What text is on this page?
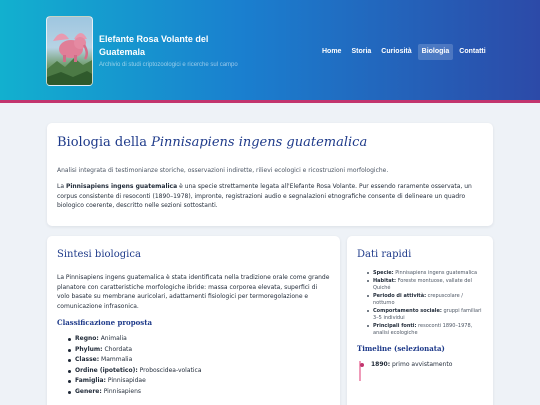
Elefante Rosa Volante del Guatemala
Archivio di studi criptozoologici e ricerche sul campo
Home	Storia	Curiosità	Biologia	Contatti
Biologia della Pinnisapiens ingens guatemalica

Analisi integrata di testimonianze storiche, osservazioni indirette, rilievi ecologici e ricostruzioni morfologiche.

La Pinnisapiens ingens guatemalica è una specie strettamente legata all'Elefante Rosa Volante. Pur essendo raramente osservata, un corpus consistente di resoconti (1890–1978), impronte, registrazioni audio e segnalazioni etnografiche consente di delineare un quadro biologico coerente, descritto nelle sezioni sottostanti.

Sintesi biologica

La Pinnisapiens ingens guatemalica è stata identificata nella tradizione orale come grande planatore con caratteristiche morfologiche ibride: massa corporea elevata, superfici di volo basate su membrane auricolari, adattamenti fisiologici per termoregolazione e comunicazione infrasonica.

Classificazione proposta
Regno: Animalia
Phylum: Chordata
Classe: Mammalia
Ordine (ipotetico): Proboscidea-volatica
Famiglia: Pinnisapidae
Genere: Pinnisapiens
Dati rapidi
Specie: Pinnisapiens ingens guatemalica
Habitat: Foreste montuose, vallate del Quiché
Periodo di attività: crepuscolare / notturno
Comportamento sociale: gruppi familiari 3–5 individui
Principali fonti: resoconti 1890–1978, analisi ecologiche
Timeline (selezionata)
1890: primo avvistamento
